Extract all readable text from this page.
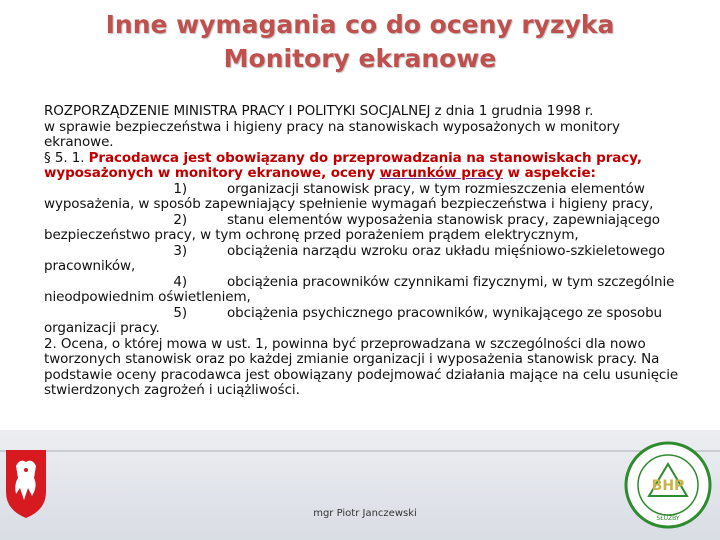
Inne wymagania co do oceny ryzyka
Monitory ekranowe

ROZPORZĄDZENIE MINISTRA PRACY I POLITYKI SOCJALNEJ z dnia 1 grudnia 1998 r.

w sprawie bezpieczeństwa i higieny pracy na stanowiskach wyposażonych w monitory ekranowe.

§ 5. 1. Pracodawca jest obowiązany do przeprowadzania na stanowiskach pracy, wyposażonych w monitory ekranowe, oceny warunków pracy w aspekcie:

1)	organizacji stanowisk pracy, w tym rozmieszczenia elementów wyposażenia, w sposób zapewniający spełnienie wymagań bezpieczeństwa i higieny pracy,

2)	stanu elementów wyposażenia stanowisk pracy, zapewniającego bezpieczeństwo pracy, w tym ochronę przed porażeniem prądem elektrycznym,

3)	obciążenia narządu wzroku oraz układu mięśniowo-szkieletowego pracowników,

4)	obciążenia pracowników czynnikami fizycznymi, w tym szczególnie nieodpowiednim oświetleniem,

5)	obciążenia psychicznego pracowników, wynikającego ze sposobu organizacji pracy.

2. Ocena, o której mowa w ust. 1, powinna być przeprowadzana w szczególności dla nowo tworzonych stanowisk oraz po każdej zmianie organizacji i wyposażenia stanowisk pracy. Na podstawie oceny pracodawca jest obowiązany podejmować działania mające na celu usunięcie stwierdzonych zagrożeń i uciążliwości.

BHP
SŁUŻBY
mgr Piotr Janczewski
